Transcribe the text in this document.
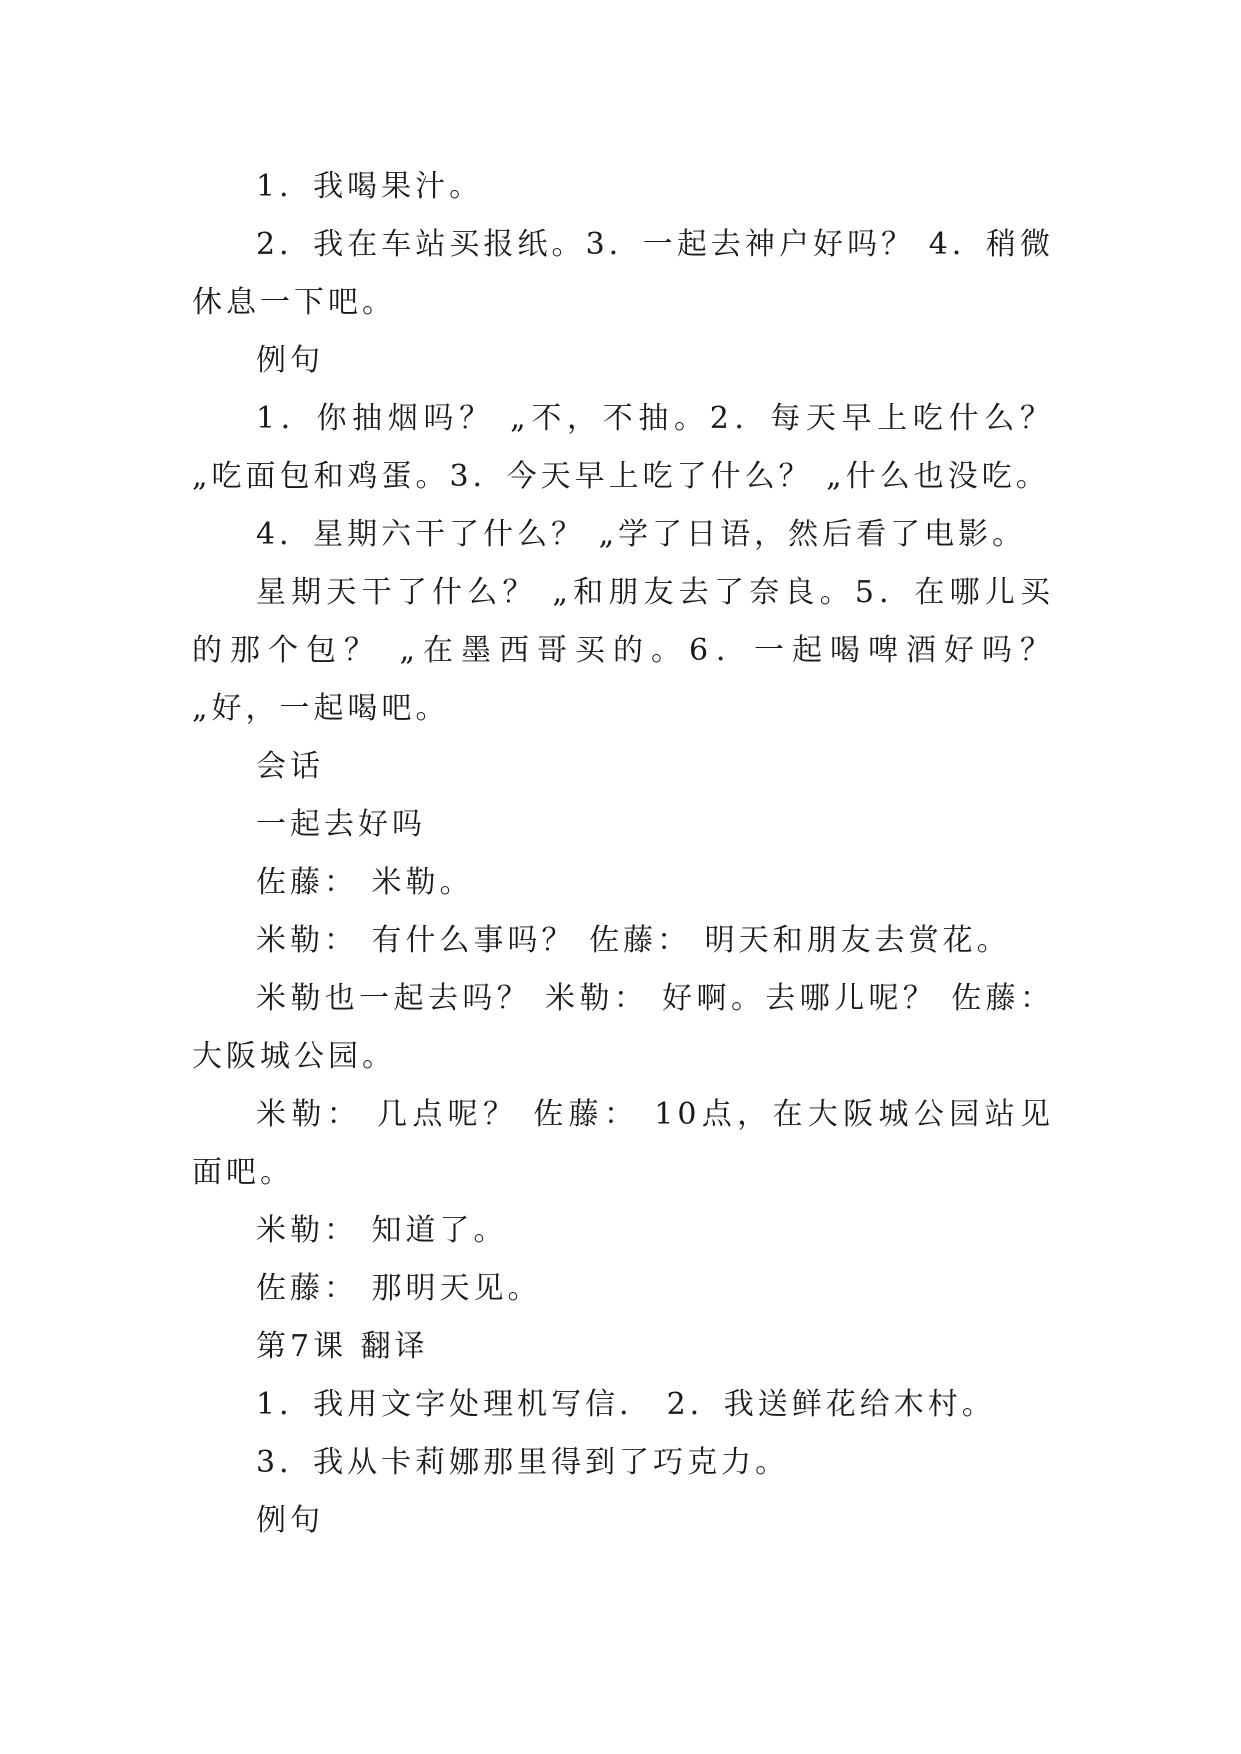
1．我喝果汁。

2．我在车站买报纸。3．一起去神户好吗？ 4．稍微休息一下吧。

例句

1．你抽烟吗？ „不，不抽。2．每天早上吃什么？ „吃面包和鸡蛋。3．今天早上吃了什么？ „什么也没吃。

4．星期六干了什么？ „学了日语，然后看了电影。

星期天干了什么？ „和朋友去了奈良。5．在哪儿买的那个包？ „在墨西哥买的。6．一起喝啤酒好吗？ „好，一起喝吧。

会话

一起去好吗

佐藤： 米勒。

米勒： 有什么事吗？ 佐藤： 明天和朋友去赏花。

米勒也一起去吗？ 米勒： 好啊。去哪儿呢？ 佐藤：大阪城公园。

米勒： 几点呢？ 佐藤： 10点，在大阪城公园站见面吧。

米勒： 知道了。

佐藤： 那明天见。

第7课 翻译

1．我用文字处理机写信． 2．我送鲜花给木村。

3．我从卡莉娜那里得到了巧克力。

例句
